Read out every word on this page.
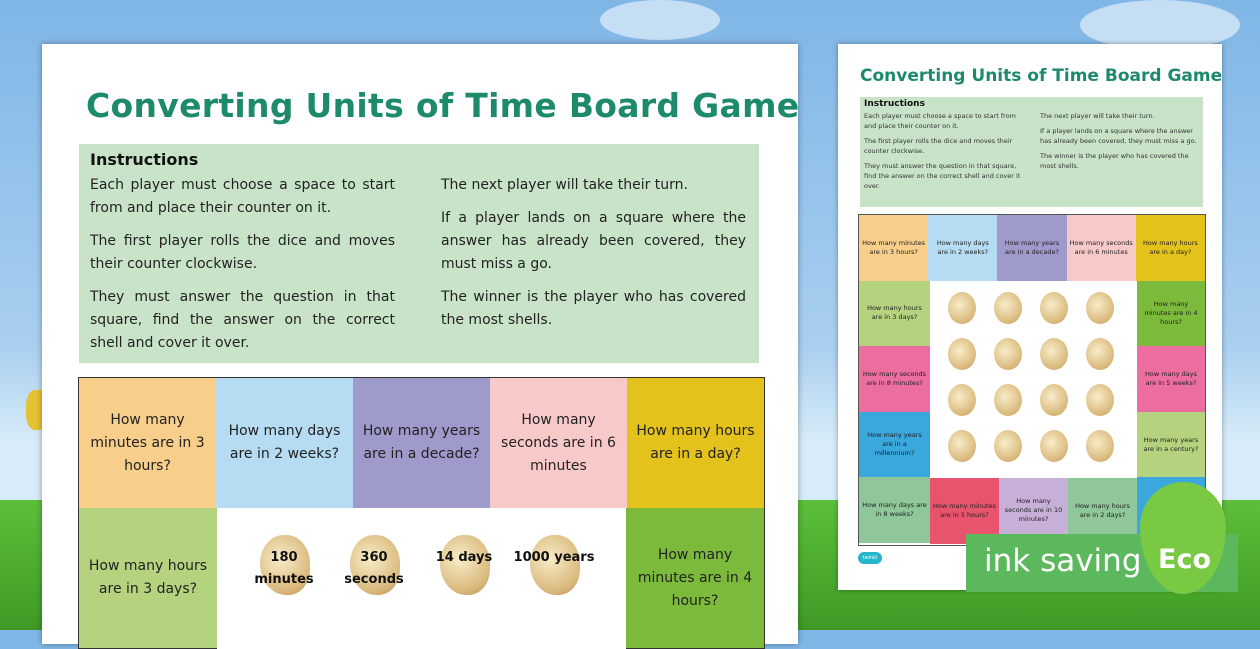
Converting Units of Time Board Game
Instructions

Each player must choose a space to start from and place their counter on it.

The first player rolls the dice and moves their counter clockwise.

They must answer the question in that square, find the answer on the correct shell and cover it over.

The next player will take their turn.

If a player lands on a square where the answer has already been covered, they must miss a go.

The winner is the player who has covered the most shells.

How many minutes are in 3 hours?
How many days are in 2 weeks?
How many years are in a decade?
How many seconds are in 6 minutes
How many hours are in a day?
How many hours are in 3 days?
How many minutes are in 4 hours?
180 minutes
360 seconds
14 days	1000 years
Converting Units of Time Board Game
Instructions

Each player must choose a space to start from and place their counter on it.

The first player rolls the dice and moves their counter clockwise.

They must answer the question in that square, find the answer on the correct shell and cover it over.

The next player will take their turn.

If a player lands on a square where the answer has already been covered, they must miss a go.

The winner is the player who has covered the most shells.

How many minutes are in 3 hours?
How many days are in 2 weeks?
How many years are in a decade?
How many seconds are in 6 minutes
How many hours are in a day?
How many hours are in 3 days?
How many seconds are in 8 minutes?
How many years are in a millennium?
How many days are in 8 weeks?
How many minutes are in 4 hours?
How many days are in 5 weeks?
How many years are in a century?
How many minutes are in 5 hours?
How many seconds are in 10 minutes?
How many hours are in 2 days?
twinkl	ink saving Eco
